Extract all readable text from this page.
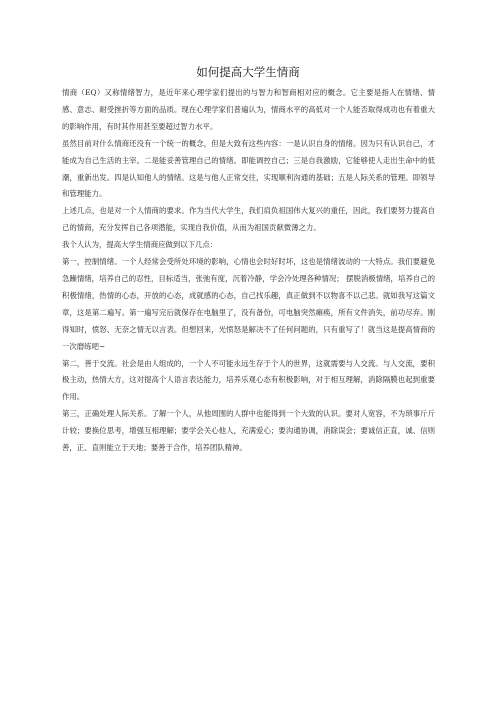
如何提高大学生情商

情商（EQ）又称情绪智力，是近年来心理学家们提出的与智力和智商相对应的概念。它主要是指人在情绪、情感、意志、耐受挫折等方面的品质。现在心理学家们普遍认为，情商水平的高低对一个人能否取得成功也有着重大的影响作用，有时其作用甚至要超过智力水平。

虽然目前对什么情商还没有一个统一的概念，但是大致有这些内容：一是认识自身的情绪。因为只有认识自己，才能成为自己生活的主宰。二是能妥善管理自己的情绪。即能调控自己；三是自我激励，它能够使人走出生命中的低潮，重新出发。四是认知他人的情绪。这是与他人正常交往，实现顺利沟通的基础；五是人际关系的管理。即领导和管理能力。

上述几点，也是对一个人情商的要求。作为当代大学生，我们肩负祖国伟大复兴的重任，因此，我们要努力提高自己的情商，充分发挥自己各项潜能，实现自我价值，从而为祖国贡献微薄之力。

我个人认为，提高大学生情商应做到以下几点：

第一，控制情绪。一个人经常会受所处环境的影响，心情也会时好时坏，这也是情绪波动的一大特点。我们要避免急躁情绪，培养自己的忍性，目标适当，张弛有度，沉着冷静，学会冷处理各种情况； 摆脱消极情绪，培养自己的积极情绪，热情的心态，开放的心态，成就感的心态，自己找乐趣，真正做到不以物喜不以己悲。就如我写这篇文章，这是第二遍写。第一遍写完后就保存在电脑里了，没有备份，可电脑突然瘫痪，所有文件消失，前功尽弃。刚得知时，愤怒、无奈之情无以言表。但想回来，光愤怒是解决不了任何问题的，只有重写了！就当这是提高情商的一次磨练吧~

第二，善于交流。社会是由人组成的，一个人不可能永远生存于个人的世界，这就需要与人交流。与人交流，要积极主动，热情大方，这对提高个人语言表达能力，培养乐观心态有积极影响，对于相互理解，消除隔膜也起到重要作用。

第三，正确处理人际关系。了解一个人，从他周围的人群中也能得到一个大致的认识。要对人宽容，不为琐事斤斤计较；要换位思考，增强互相理解；要学会关心他人，充满爱心；要沟通协调，消除误会；要诚信正直，诚、信则善，正、直则能立于天地；要善于合作，培养团队精神。
